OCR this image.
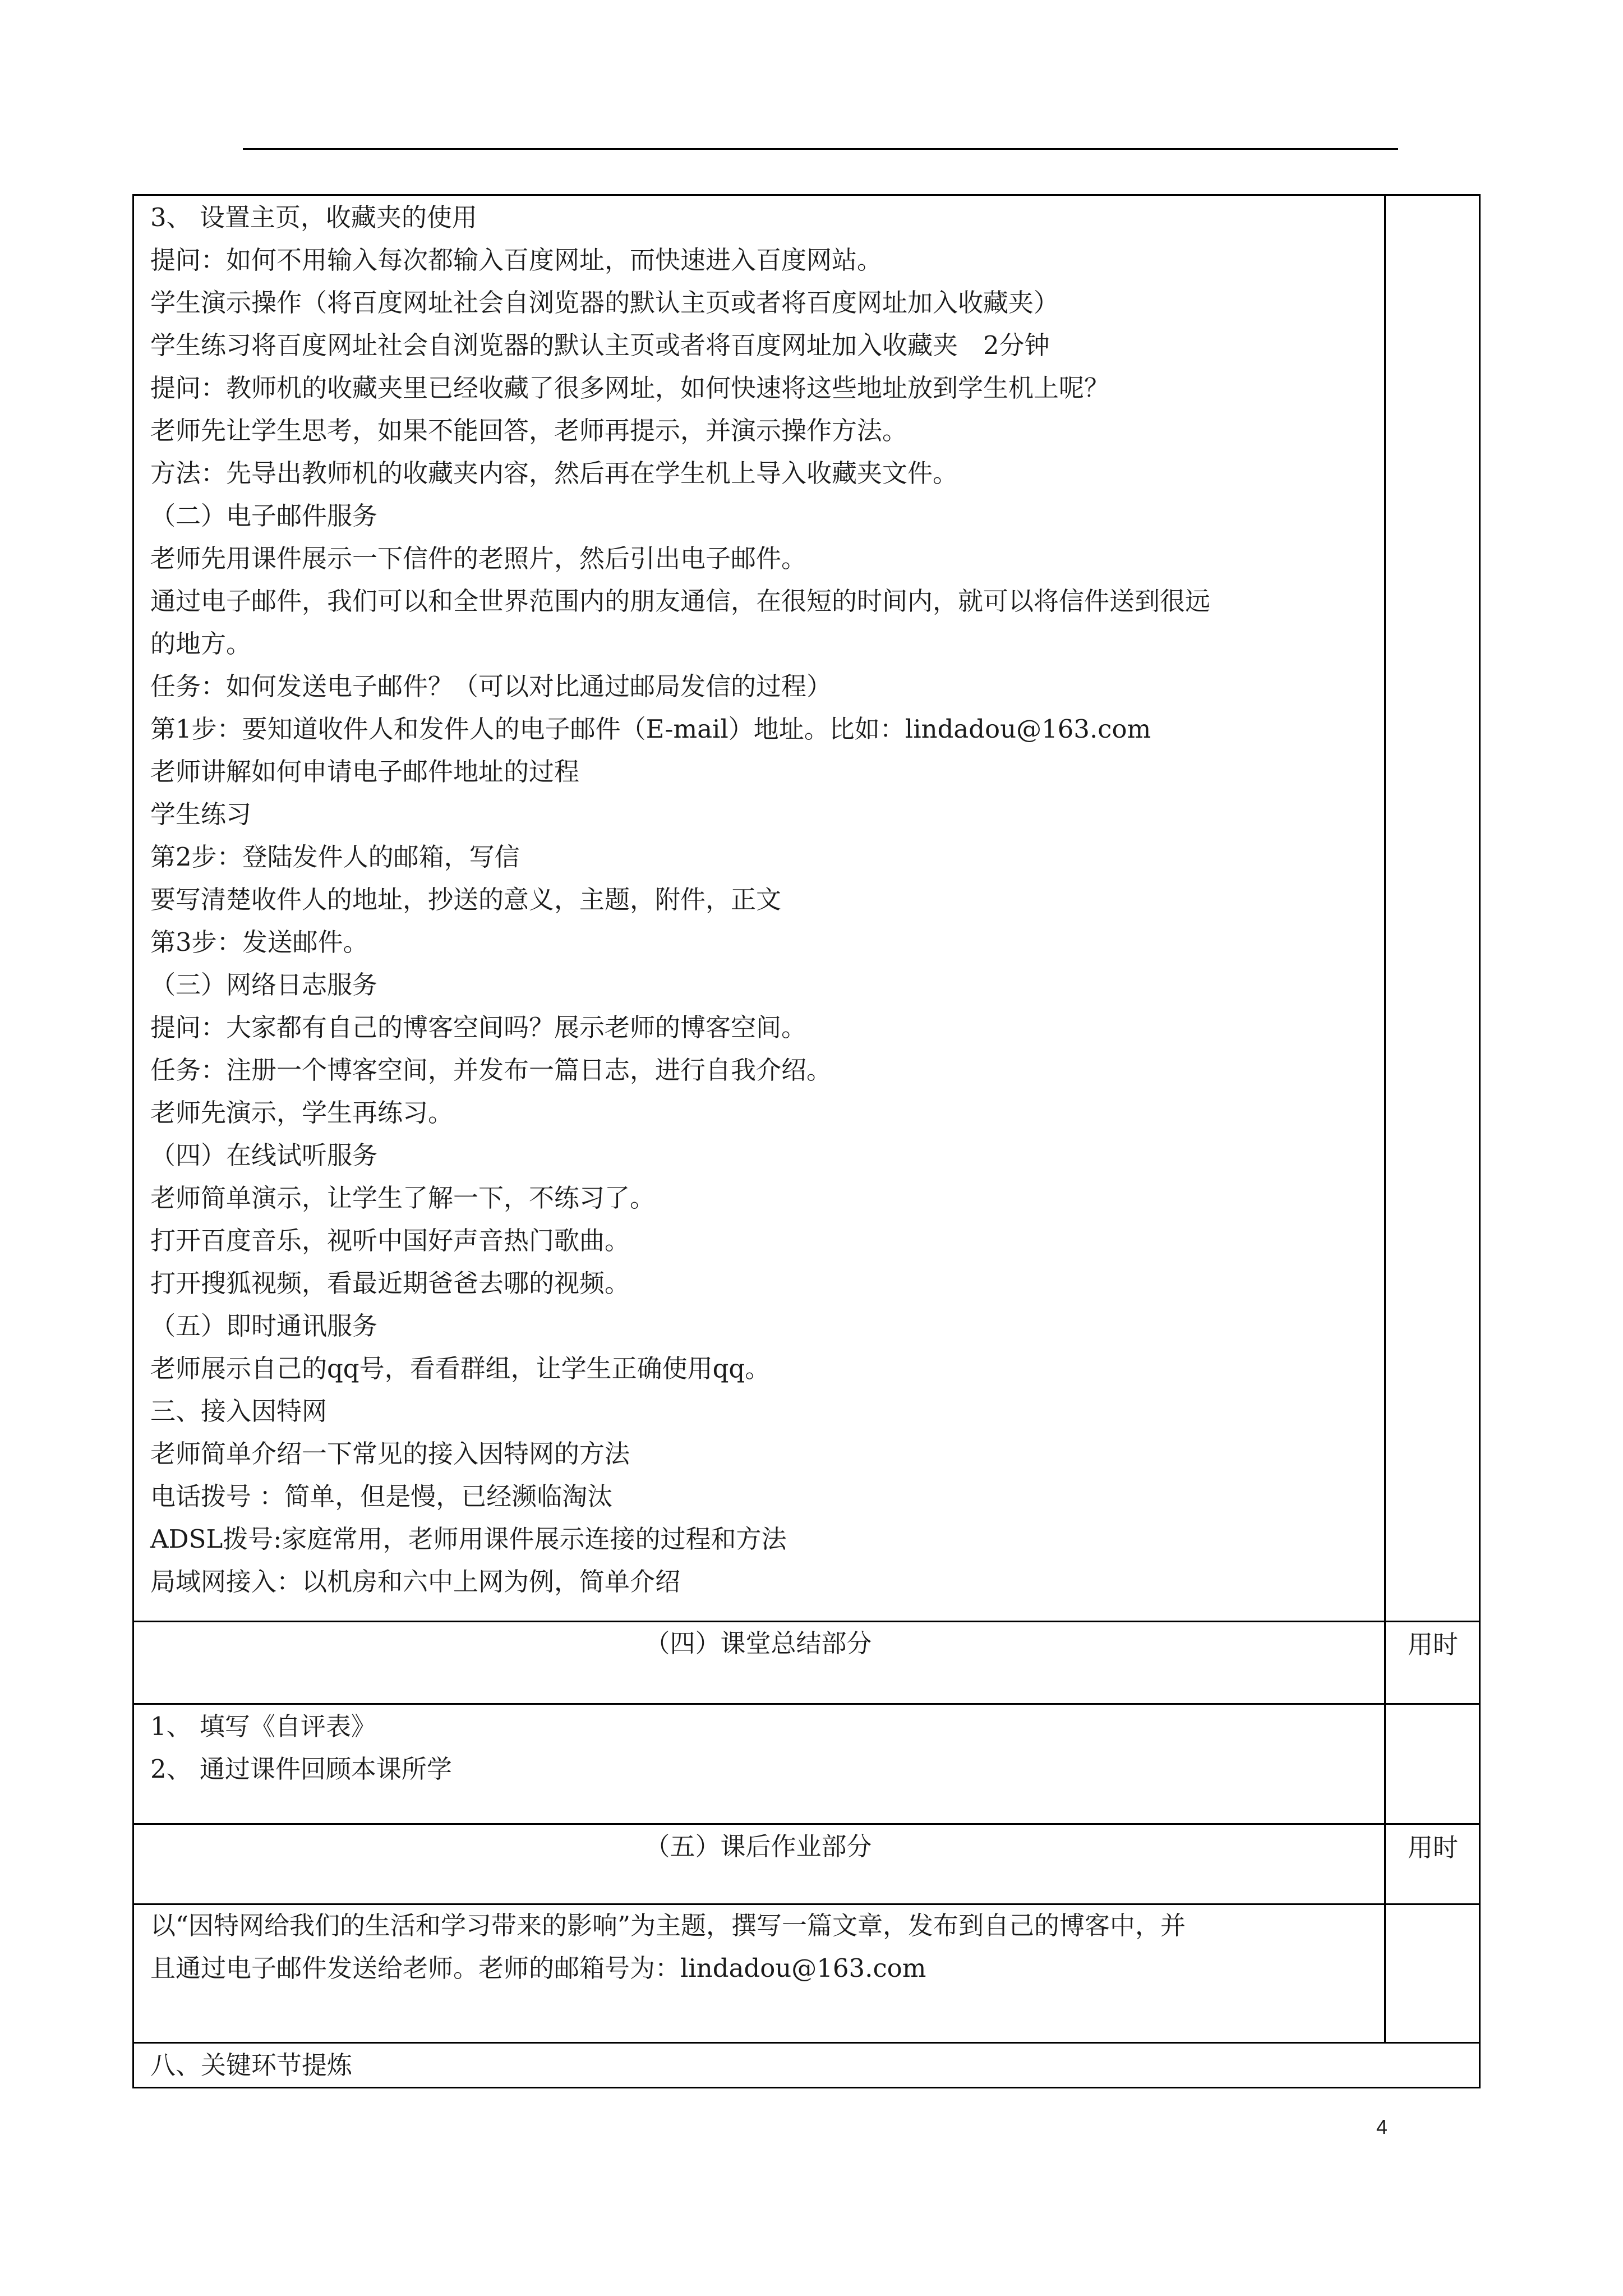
3、 设置主页，收藏夹的使用
提问：如何不用输入每次都输入百度网址，而快速进入百度网站。
学生演示操作（将百度网址社会自浏览器的默认主页或者将百度网址加入收藏夹）
学生练习将百度网址社会自浏览器的默认主页或者将百度网址加入收藏夹　2分钟
提问：教师机的收藏夹里已经收藏了很多网址，如何快速将这些地址放到学生机上呢？
老师先让学生思考，如果不能回答，老师再提示，并演示操作方法。
方法：先导出教师机的收藏夹内容，然后再在学生机上导入收藏夹文件。
（二）电子邮件服务
老师先用课件展示一下信件的老照片，然后引出电子邮件。
通过电子邮件，我们可以和全世界范围内的朋友通信，在很短的时间内，就可以将信件送到很远
的地方。
任务：如何发送电子邮件？（可以对比通过邮局发信的过程）
第1步：要知道收件人和发件人的电子邮件（E-mail）地址。比如：lindadou@163.com
老师讲解如何申请电子邮件地址的过程
学生练习
第2步：登陆发件人的邮箱，写信
要写清楚收件人的地址，抄送的意义，主题，附件，正文
第3步：发送邮件。
（三）网络日志服务
提问：大家都有自己的博客空间吗？展示老师的博客空间。
任务：注册一个博客空间，并发布一篇日志，进行自我介绍。
老师先演示，学生再练习。
（四）在线试听服务
老师简单演示，让学生了解一下，不练习了。
打开百度音乐，视听中国好声音热门歌曲。
打开搜狐视频，看最近期爸爸去哪的视频。
（五）即时通讯服务
老师展示自己的qq号，看看群组，让学生正确使用qq。
三、接入因特网
老师简单介绍一下常见的接入因特网的方法
电话拨号 ：简单，但是慢，已经濒临淘汰
ADSL拨号:家庭常用，老师用课件展示连接的过程和方法
局域网接入：以机房和六中上网为例，简单介绍
（四）课堂总结部分	用时
1、 填写《自评表》
2、 通过课件回顾本课所学
（五）课后作业部分	用时
以“因特网给我们的生活和学习带来的影响”为主题，撰写一篇文章，发布到自己的博客中，并
且通过电子邮件发送给老师。老师的邮箱号为：lindadou@163.com
八、关键环节提炼
4
